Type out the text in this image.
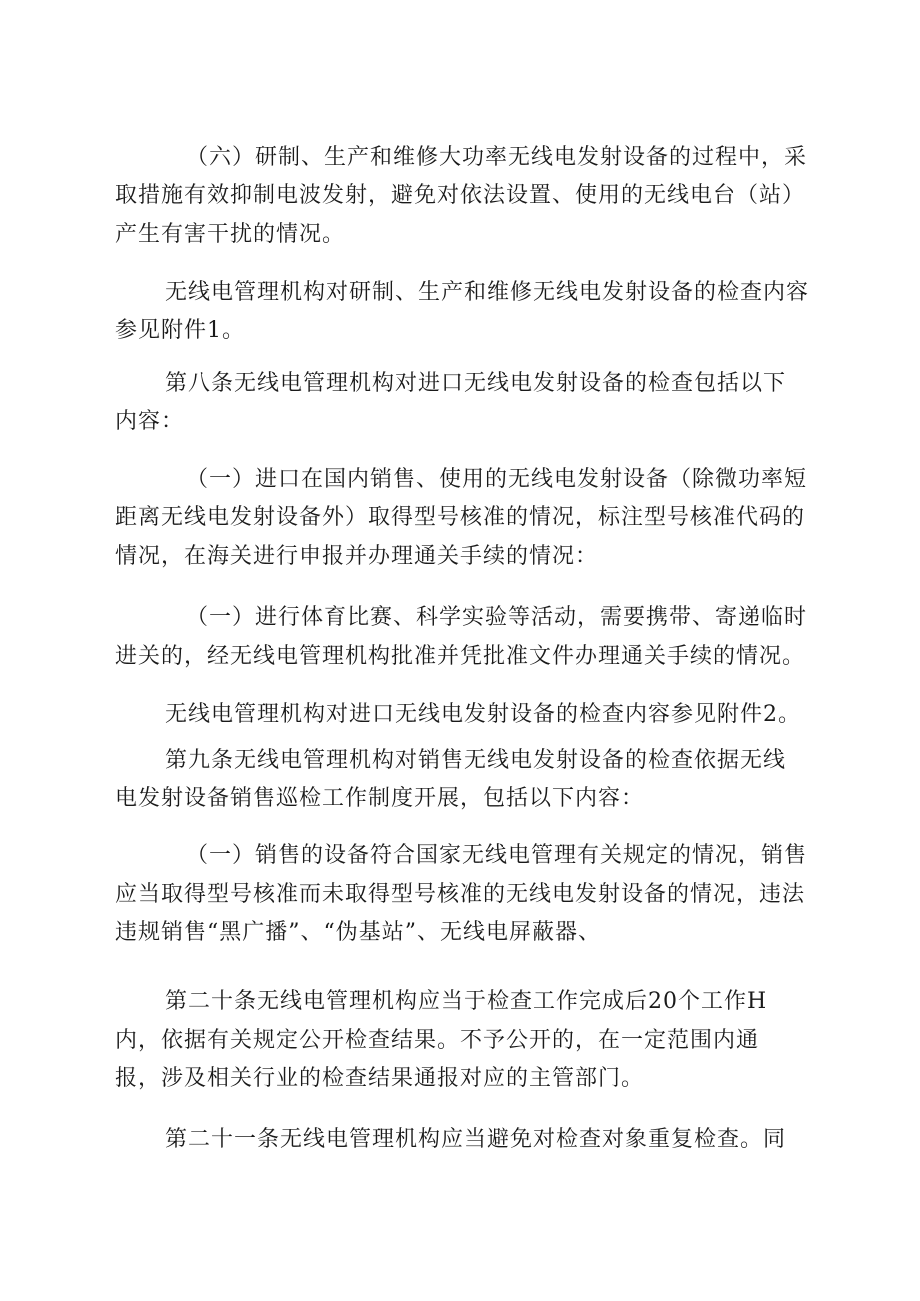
（六）研制、生产和维修大功率无线电发射设备的过程中，采
取措施有效抑制电波发射，避免对依法设置、使用的无线电台（站）
产生有害干扰的情况。
无线电管理机构对研制、生产和维修无线电发射设备的检查内容
参见附件1。
第八条无线电管理机构对进口无线电发射设备的检查包括以下
内容：
（一）进口在国内销售、使用的无线电发射设备（除微功率短
距离无线电发射设备外）取得型号核准的情况，标注型号核准代码的
情况，在海关进行申报并办理通关手续的情况：
（一）进行体育比赛、科学实验等活动，需要携带、寄递临时
进关的，经无线电管理机构批准并凭批准文件办理通关手续的情况。
无线电管理机构对进口无线电发射设备的检查内容参见附件2。
第九条无线电管理机构对销售无线电发射设备的检查依据无线
电发射设备销售巡检工作制度开展，包括以下内容：
（一）销售的设备符合国家无线电管理有关规定的情况，销售
应当取得型号核准而未取得型号核准的无线电发射设备的情况，违法
违规销售“黑广播”、“伪基站”、无线电屏蔽器、
第二十条无线电管理机构应当于检查工作完成后20个工作H
内，依据有关规定公开检查结果。不予公开的，在一定范围内通
报，涉及相关行业的检查结果通报对应的主管部门。
第二十一条无线电管理机构应当避免对检查对象重复检查。同
